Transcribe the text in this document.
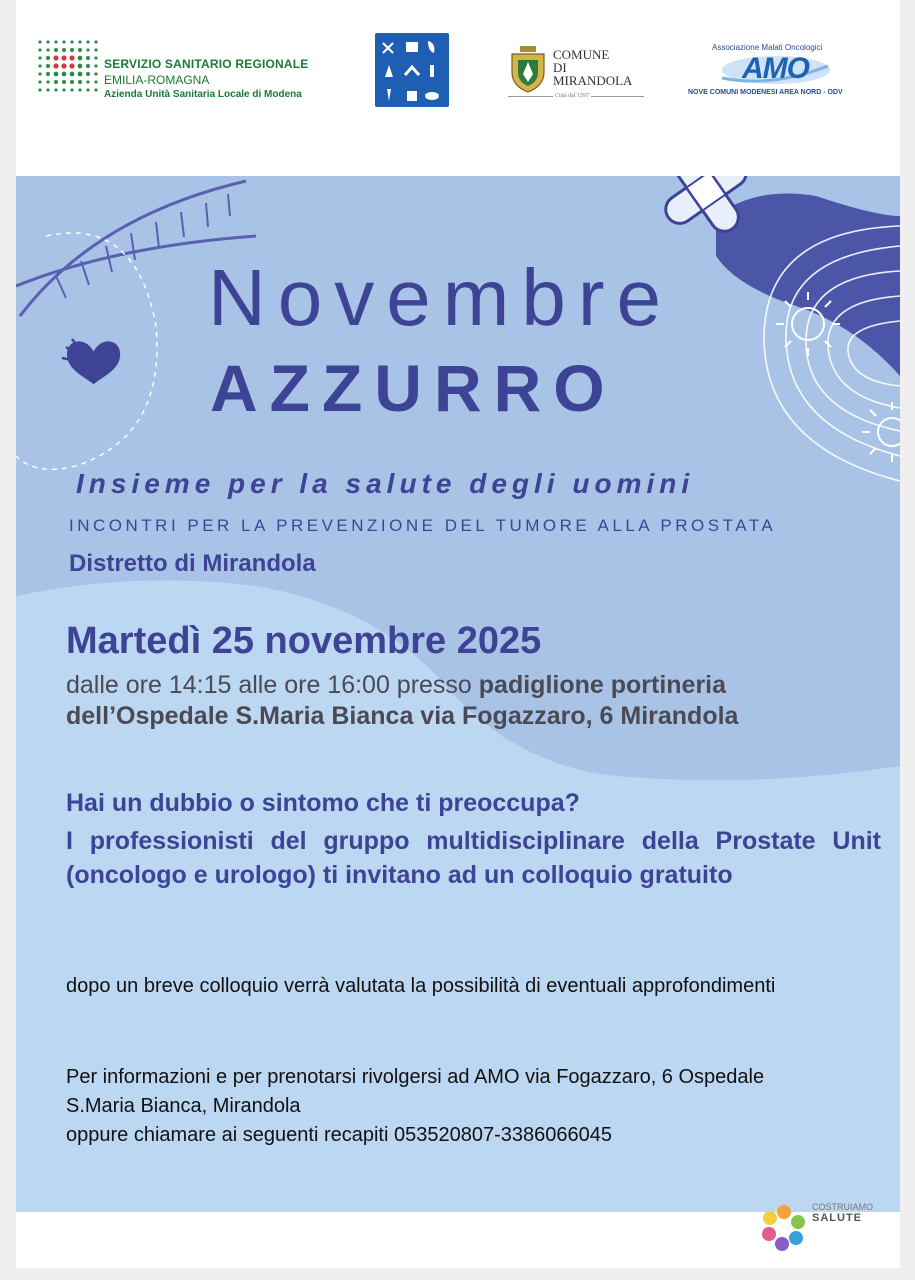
SERVIZIO SANITARIO REGIONALE
EMILIA-ROMAGNA
Azienda Unità Sanitaria Locale di Modena
COMUNE
DI
MIRANDOLA
Città dal 1597
Associazione Malati Oncologici
AMO
NOVE COMUNI MODENESI AREA NORD - ODV
Novembre
AZZURRO
Insieme per la salute degli uomini
INCONTRI PER LA PREVENZIONE DEL TUMORE ALLA PROSTATA
Distretto di Mirandola
Martedì 25 novembre 2025
dalle ore 14:15 alle ore 16:00 presso padiglione portineria
dell’Ospedale S.Maria Bianca via Fogazzaro, 6 Mirandola
Hai un dubbio o sintomo che ti preoccupa?
I professionisti del gruppo multidisciplinare della Prostate Unit (oncologo e urologo) ti invitano ad un colloquio gratuito
dopo un breve colloquio verrà valutata la possibilità di eventuali approfondimenti
Per informazioni e per prenotarsi rivolgersi ad AMO via Fogazzaro, 6 Ospedale
S.Maria Bianca, Mirandola
oppure chiamare ai seguenti recapiti 053520807-3386066045
COSTRUIAMO
SALUTE
